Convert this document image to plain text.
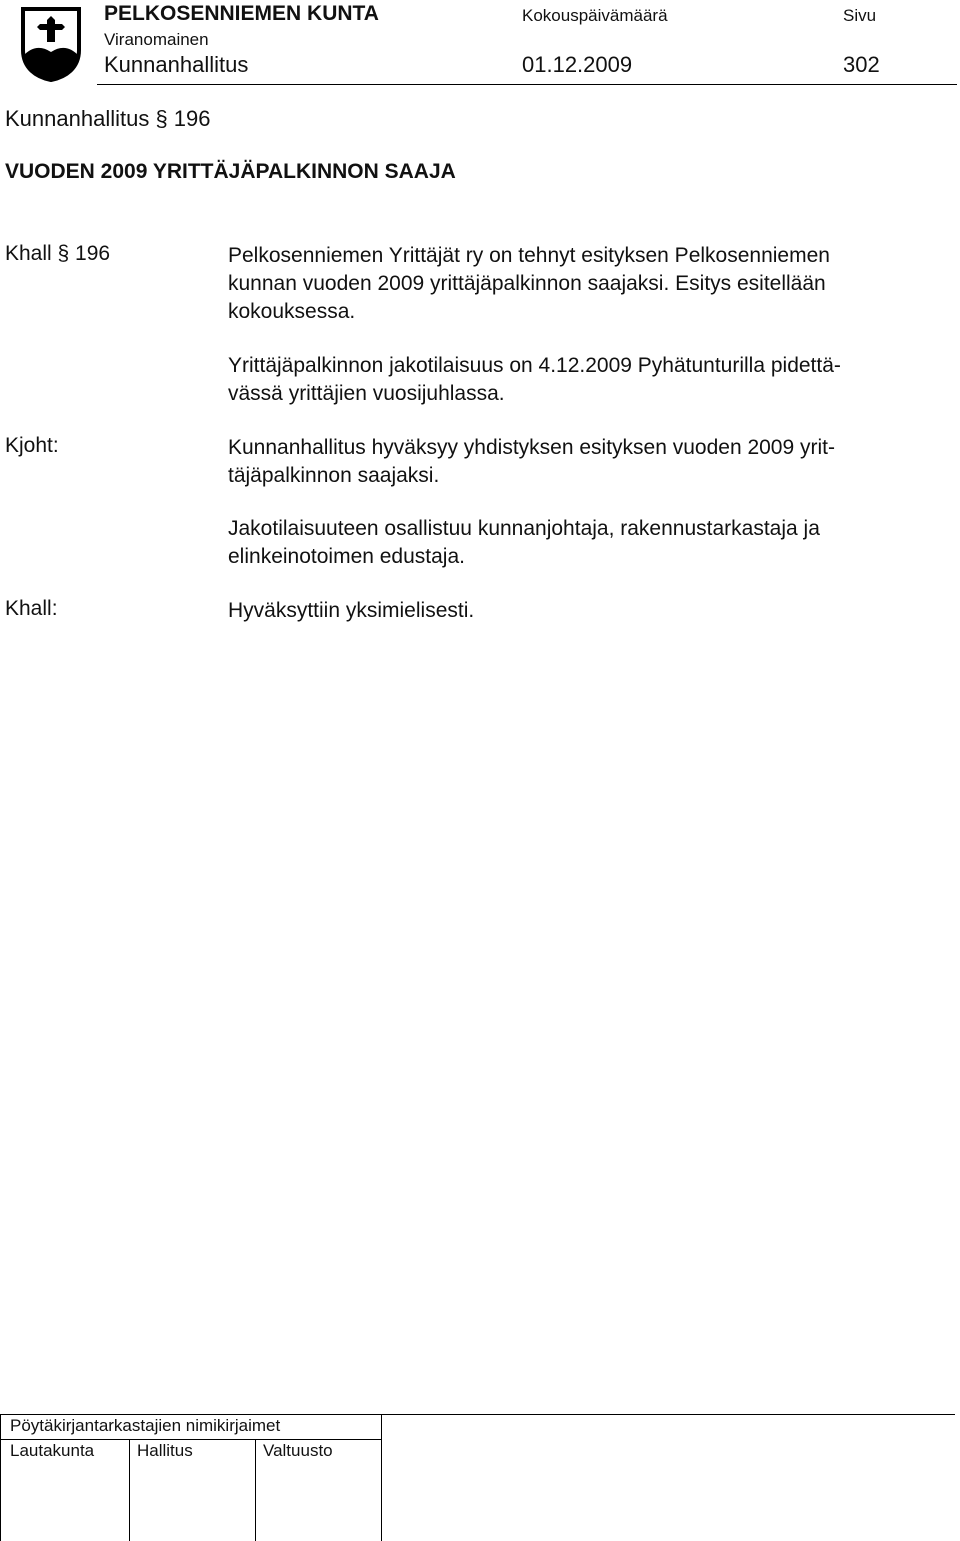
PELKOSENNIEMEN KUNTA
Viranomainen
Kunnanhallitus
Kokouspäivämäärä
01.12.2009
Sivu
302
Kunnanhallitus § 196
VUODEN 2009 YRITTÄJÄPALKINNON SAAJA
Khall § 196	Pelkosenniemen Yrittäjät ry on tehnyt esityksen Pelkosenniemen
kunnan vuoden 2009 yrittäjäpalkinnon saajaksi. Esitys esitellään
kokouksessa.
Yrittäjäpalkinnon jakotilaisuus on 4.12.2009 Pyhätunturilla pidettä-
vässä yrittäjien vuosijuhlassa.
Kjoht:	Kunnanhallitus hyväksyy yhdistyksen esityksen vuoden 2009 yrit-
täjäpalkinnon saajaksi.
Jakotilaisuuteen osallistuu kunnanjohtaja, rakennustarkastaja ja
elinkeinotoimen edustaja.
Khall:	Hyväksyttiin yksimielisesti.
Pöytäkirjantarkastajien nimikirjaimet
Lautakunta	Hallitus	Valtuusto
